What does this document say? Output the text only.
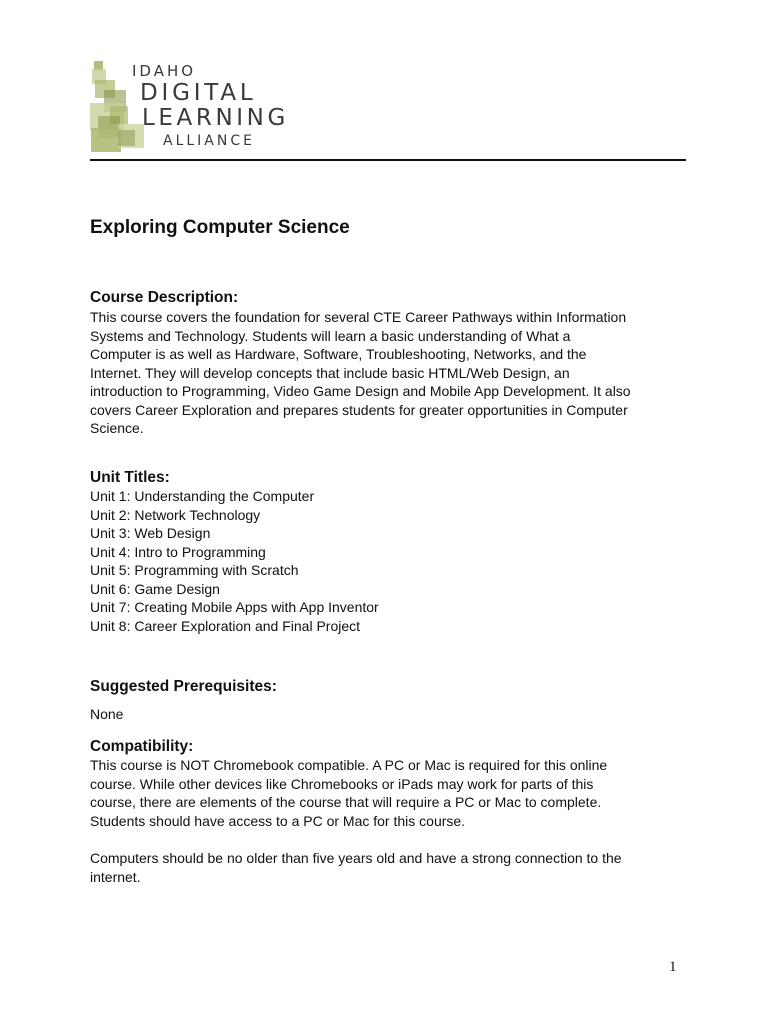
IDAHO
DIGITAL
LEARNING
ALLIANCE
Exploring Computer Science
Course Description:
This course covers the foundation for several CTE Career Pathways within Information
Systems and Technology. Students will learn a basic understanding of What a
Computer is as well as Hardware, Software, Troubleshooting, Networks, and the
Internet. They will develop concepts that include basic HTML/Web Design, an
introduction to Programming, Video Game Design and Mobile App Development. It also
covers Career Exploration and prepares students for greater opportunities in Computer
Science.
Unit Titles:
Unit 1: Understanding the Computer
Unit 2: Network Technology
Unit 3: Web Design
Unit 4: Intro to Programming
Unit 5: Programming with Scratch
Unit 6: Game Design
Unit 7: Creating Mobile Apps with App Inventor
Unit 8: Career Exploration and Final Project
Suggested Prerequisites:

None

Compatibility:
This course is NOT Chromebook compatible. A PC or Mac is required for this online
course. While other devices like Chromebooks or iPads may work for parts of this
course, there are elements of the course that will require a PC or Mac to complete.
Students should have access to a PC or Mac for this course.
Computers should be no older than five years old and have a strong connection to the
internet.
1
